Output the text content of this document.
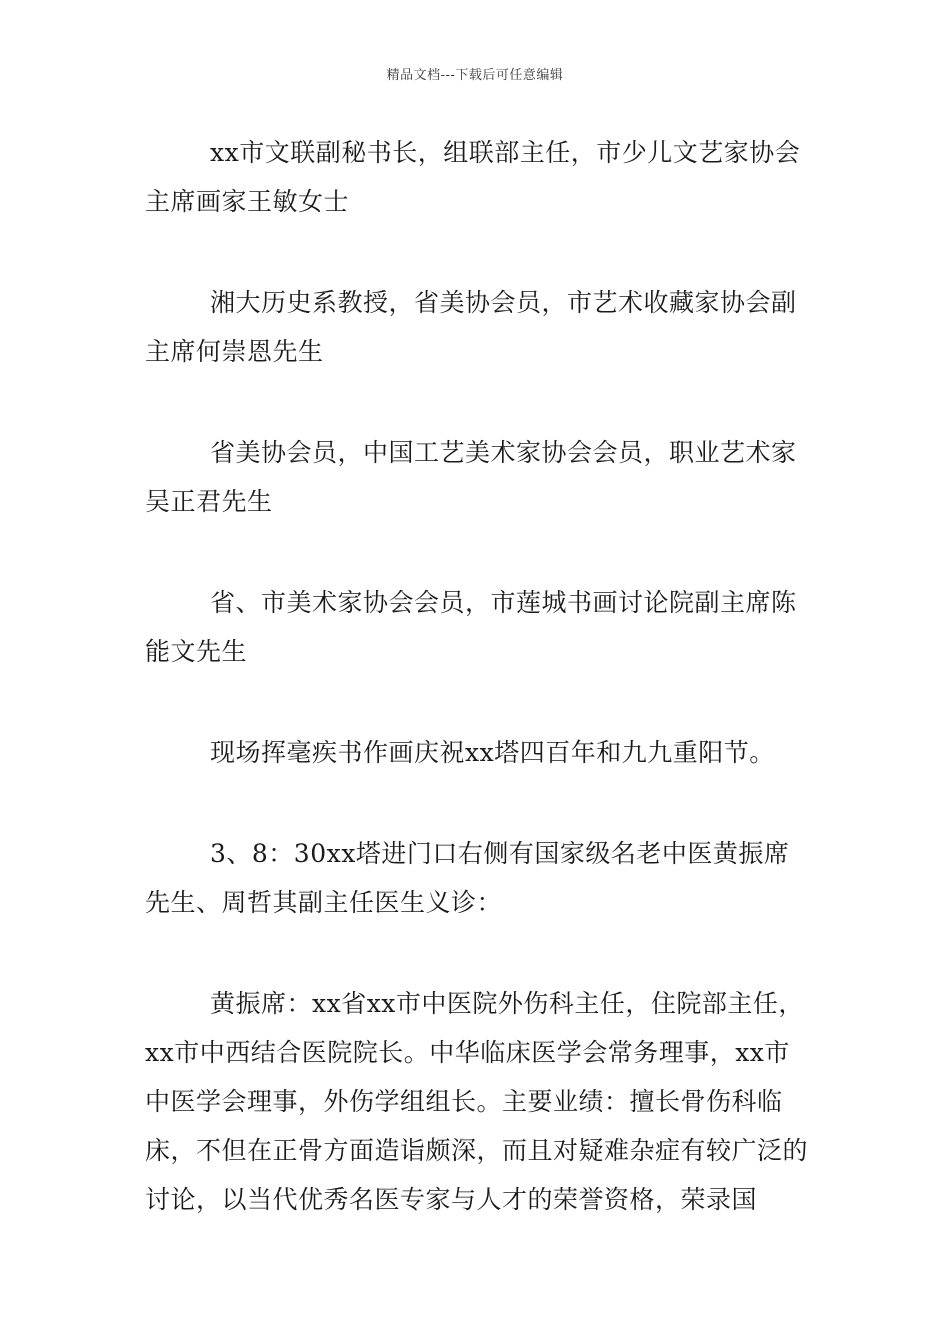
精品文档---下载后可任意编辑

xx市文联副秘书长，组联部主任，市少儿文艺家协会主席画家王敏女士

湘大历史系教授，省美协会员，市艺术收藏家协会副主席何崇恩先生

省美协会员，中国工艺美术家协会会员，职业艺术家吴正君先生

省、市美术家协会会员，市莲城书画讨论院副主席陈能文先生

现场挥毫疾书作画庆祝xx塔四百年和九九重阳节。

3、8：30xx塔进门口右侧有国家级名老中医黄振席先生、周哲其副主任医生义诊：

黄振席：xx省xx市中医院外伤科主任，住院部主任，xx市中西结合医院院长。中华临床医学会常务理事，xx市中医学会理事，外伤学组组长。主要业绩：擅长骨伤科临床，不但在正骨方面造诣颇深，而且对疑难杂症有较广泛的讨论，以当代优秀名医专家与人才的荣誉资格，荣录国
